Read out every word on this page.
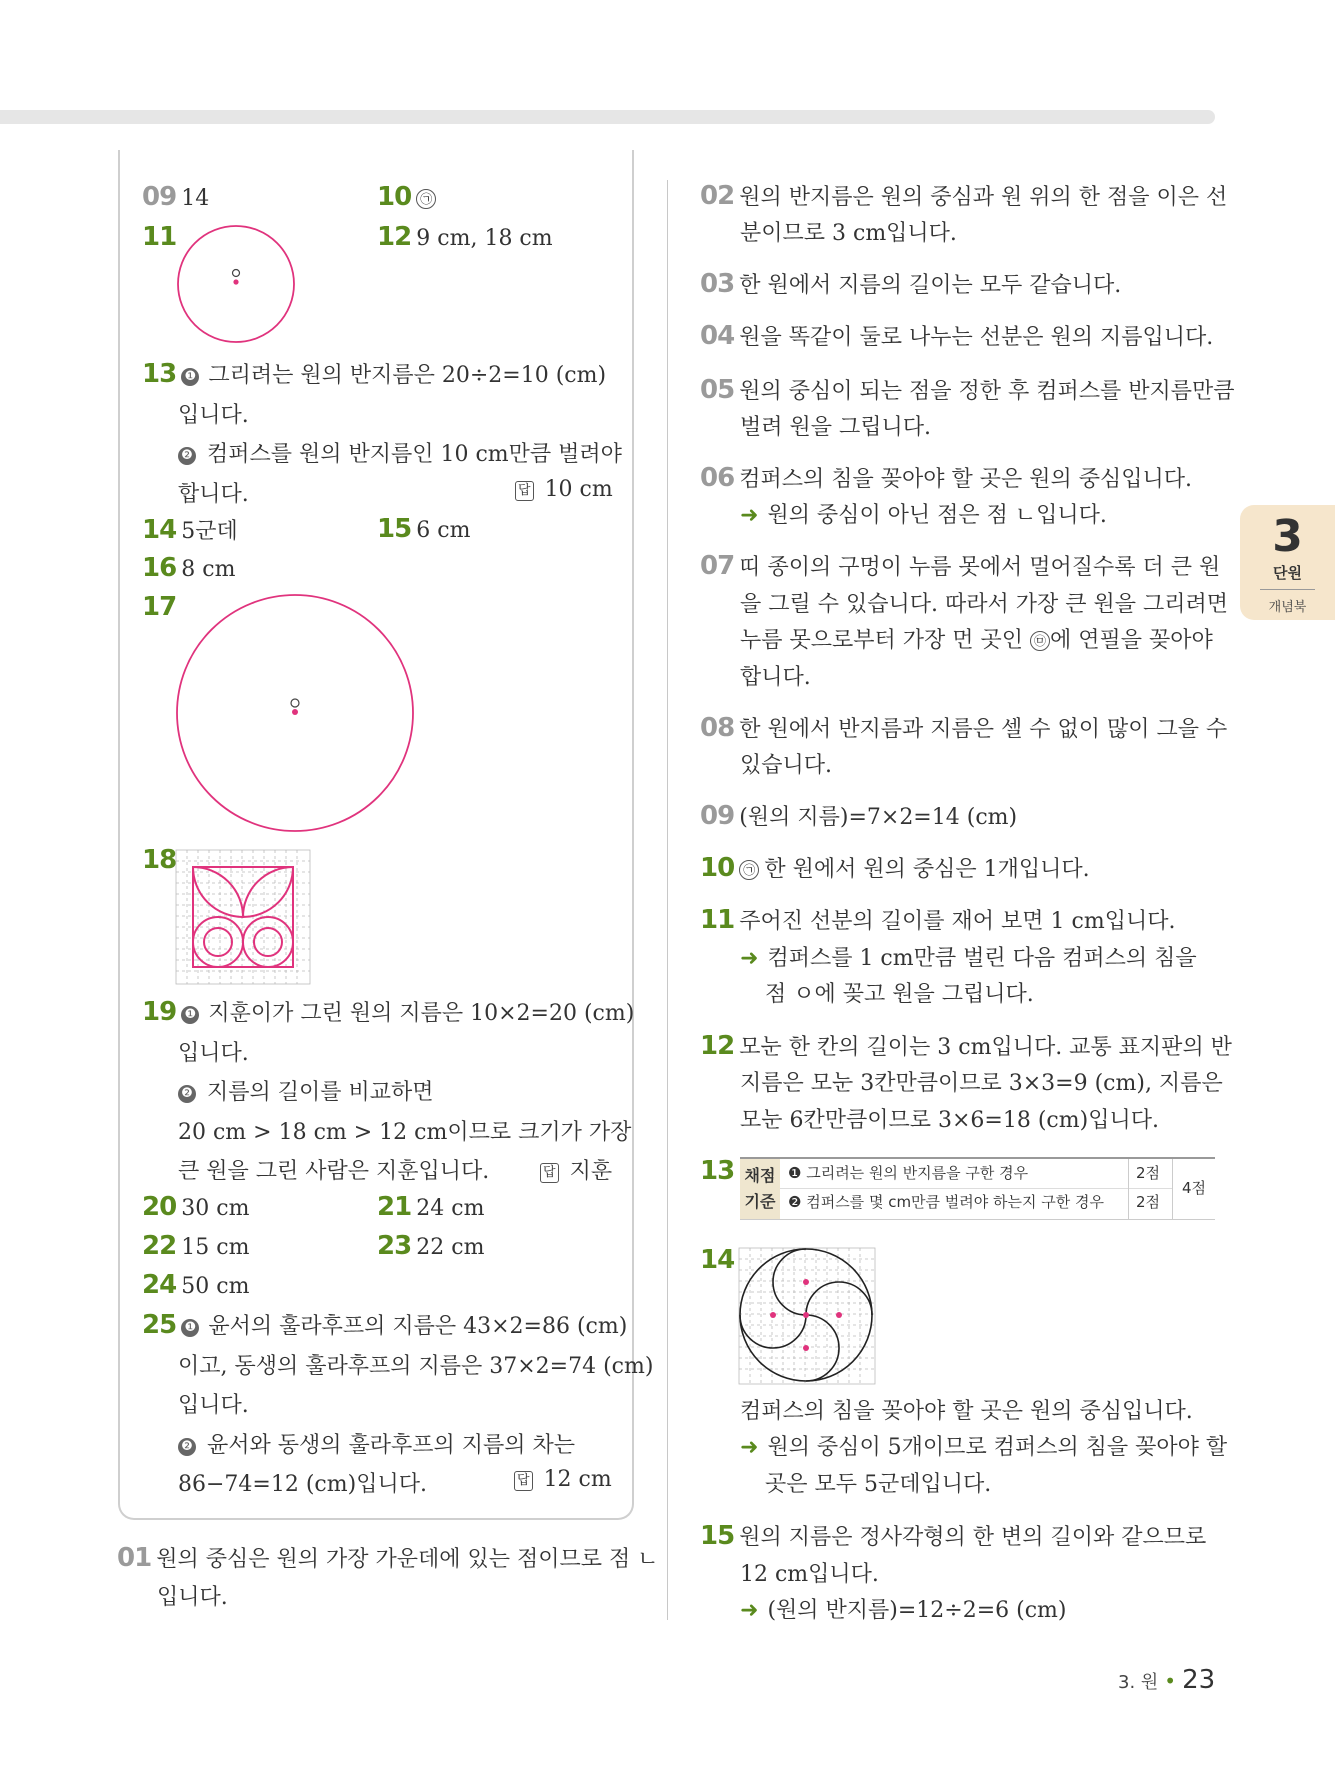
3
단원
개념북
09 14	10 ㉠
11	12 9 cm, 18 cm
13 ❶ 그리려는 원의 반지름은 20÷2=10 (cm)
입니다.
❷ 컴퍼스를 원의 반지름인 10 cm만큼 벌려야
합니다.	답 10 cm
14 5군데	15 6 cm
16 8 cm
17
18
19 ❶ 지훈이가 그린 원의 지름은 10×2=20 (cm)
입니다.
❷ 지름의 길이를 비교하면
20 cm > 18 cm > 12 cm이므로 크기가 가장
큰 원을 그린 사람은 지훈입니다.	답 지훈
20 30 cm	21 24 cm
22 15 cm	23 22 cm
24 50 cm
25 ❶ 윤서의 훌라후프의 지름은 43×2=86 (cm)
이고, 동생의 훌라후프의 지름은 37×2=74 (cm)
입니다.
❷ 윤서와 동생의 훌라후프의 지름의 차는
86−74=12 (cm)입니다.	답 12 cm
01 원의 중심은 원의 가장 가운데에 있는 점이므로 점 ㄴ
입니다.
02 원의 반지름은 원의 중심과 원 위의 한 점을 이은 선
분이므로 3 cm입니다.
03 한 원에서 지름의 길이는 모두 같습니다.
04 원을 똑같이 둘로 나누는 선분은 원의 지름입니다.
05 원의 중심이 되는 점을 정한 후 컴퍼스를 반지름만큼
벌려 원을 그립니다.
06 컴퍼스의 침을 꽂아야 할 곳은 원의 중심입니다.
➜ 원의 중심이 아닌 점은 점 ㄴ입니다.
07 띠 종이의 구멍이 누름 못에서 멀어질수록 더 큰 원
을 그릴 수 있습니다. 따라서 가장 큰 원을 그리려면
누름 못으로부터 가장 먼 곳인 ㉤ 에 연필을 꽂아야
합니다.
08 한 원에서 반지름과 지름은 셀 수 없이 많이 그을 수
있습니다.
09 (원의 지름)=7×2=14 (cm)
10 ㉠ 한 원에서 원의 중심은 1개입니다.
11 주어진 선분의 길이를 재어 보면 1 cm입니다.
➜ 컴퍼스를 1 cm만큼 벌린 다음 컴퍼스의 침을
점 ㅇ에 꽂고 원을 그립니다.
12 모눈 한 칸의 길이는 3 cm입니다. 교통 표지판의 반
지름은 모눈 3칸만큼이므로 3×3=9 (cm), 지름은
모눈 6칸만큼이므로 3×6=18 (cm)입니다.
13 채점
기준
❶ 그리려는 원의 반지름을 구한 경우	2점
❷ 컴퍼스를 몇 cm만큼 벌려야 하는지 구한 경우 2점
4점
14
컴퍼스의 침을 꽂아야 할 곳은 원의 중심입니다.
➜ 원의 중심이 5개이므로 컴퍼스의 침을 꽂아야 할
곳은 모두 5군데입니다.
15 원의 지름은 정사각형의 한 변의 길이와 같으므로
12 cm입니다.
➜ (원의 반지름)=12÷2=6 (cm)
3. 원 • 23
